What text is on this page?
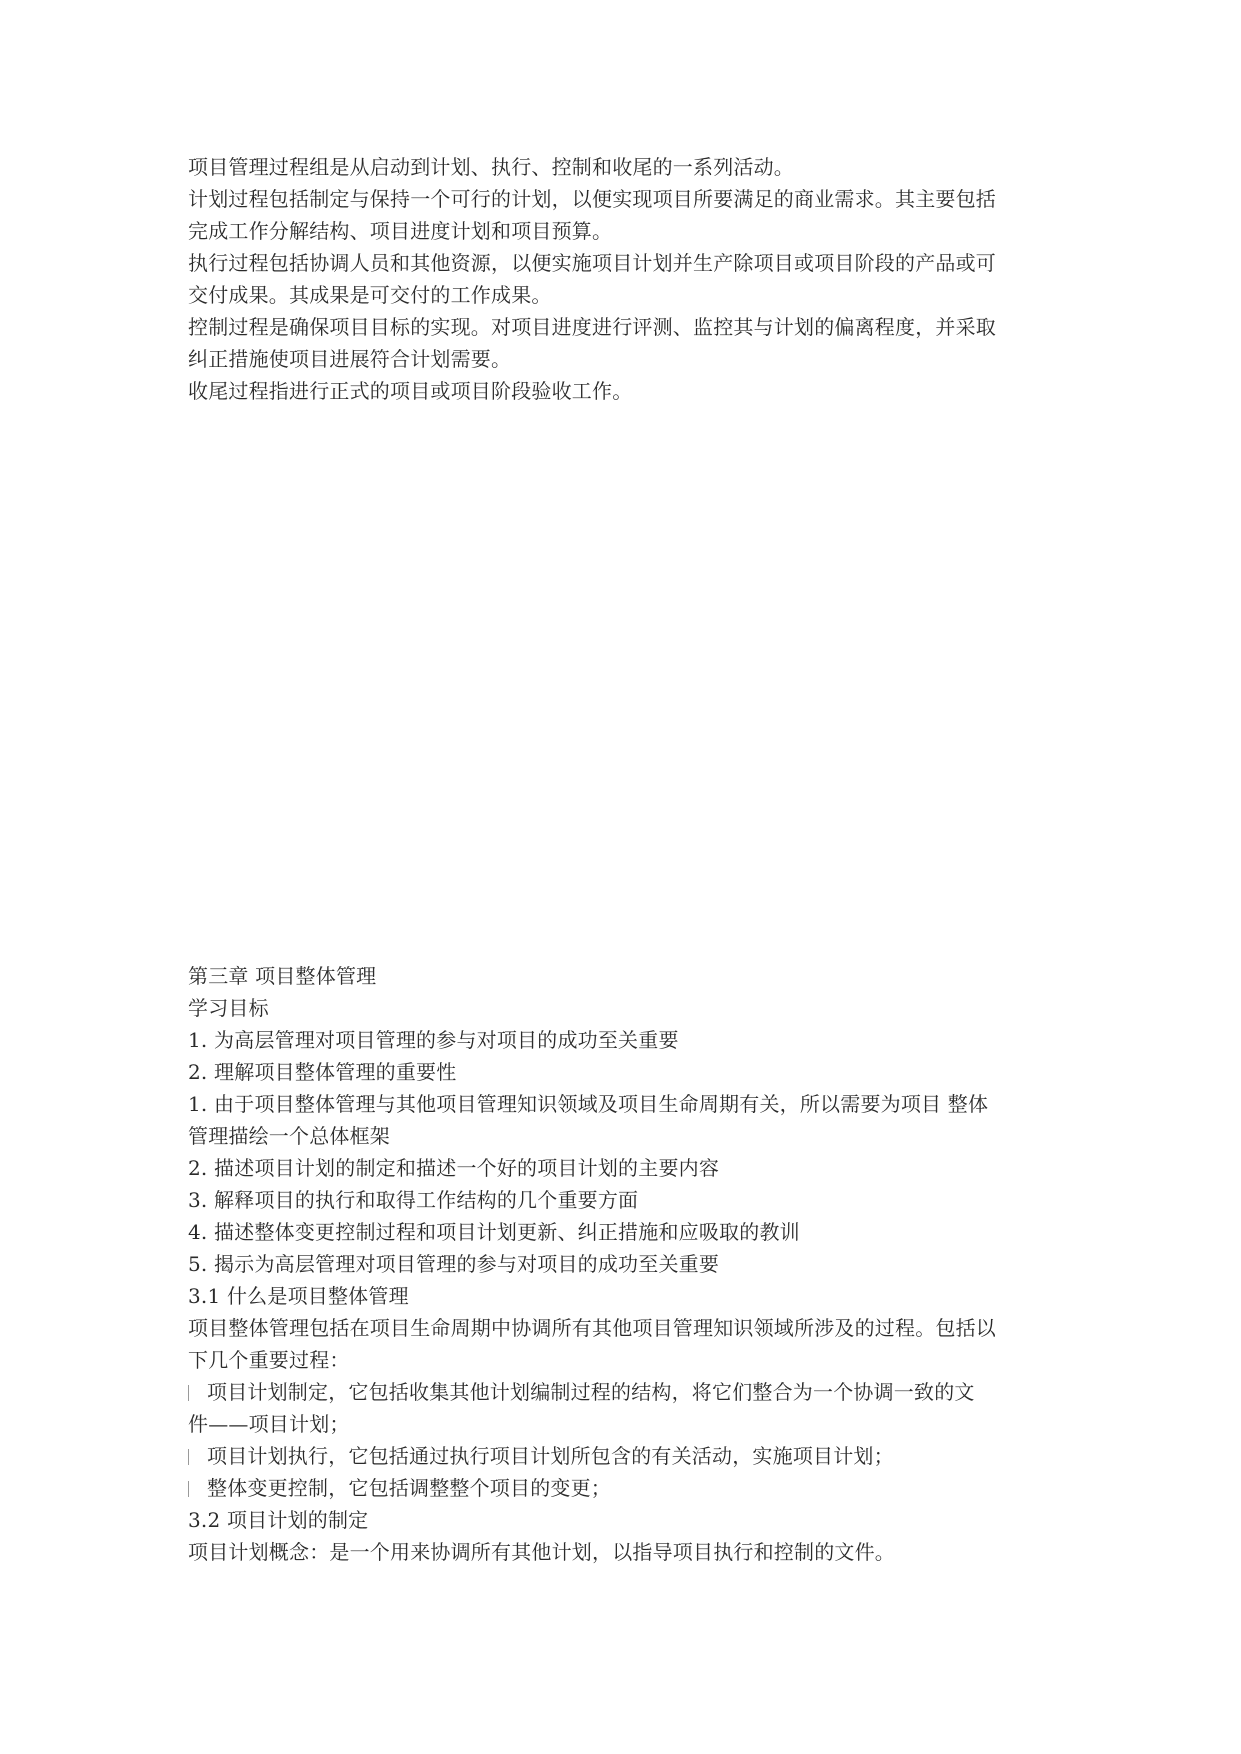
项目管理过程组是从启动到计划、执行、控制和收尾的一系列活动。
计划过程包括制定与保持一个可行的计划，以便实现项目所要满足的商业需求。其主要包括
完成工作分解结构、项目进度计划和项目预算。
执行过程包括协调人员和其他资源，以便实施项目计划并生产除项目或项目阶段的产品或可
交付成果。其成果是可交付的工作成果。
控制过程是确保项目目标的实现。对项目进度进行评测、监控其与计划的偏离程度，并采取
纠正措施使项目进展符合计划需要。
收尾过程指进行正式的项目或项目阶段验收工作。
第三章 项目整体管理
学习目标
1. 为高层管理对项目管理的参与对项目的成功至关重要
2. 理解项目整体管理的重要性
1. 由于项目整体管理与其他项目管理知识领域及项目生命周期有关，所以需要为项目 整体
管理描绘一个总体框架
2. 描述项目计划的制定和描述一个好的项目计划的主要内容
3. 解释项目的执行和取得工作结构的几个重要方面
4. 描述整体变更控制过程和项目计划更新、纠正措施和应吸取的教训
5. 揭示为高层管理对项目管理的参与对项目的成功至关重要
3.1 什么是项目整体管理
项目整体管理包括在项目生命周期中协调所有其他项目管理知识领域所涉及的过程。包括以
下几个重要过程：
项目计划制定，它包括收集其他计划编制过程的结构，将它们整合为一个协调一致的文
件——项目计划；
项目计划执行，它包括通过执行项目计划所包含的有关活动，实施项目计划；
整体变更控制，它包括调整整个项目的变更；
3.2 项目计划的制定
项目计划概念：是一个用来协调所有其他计划，以指导项目执行和控制的文件。
